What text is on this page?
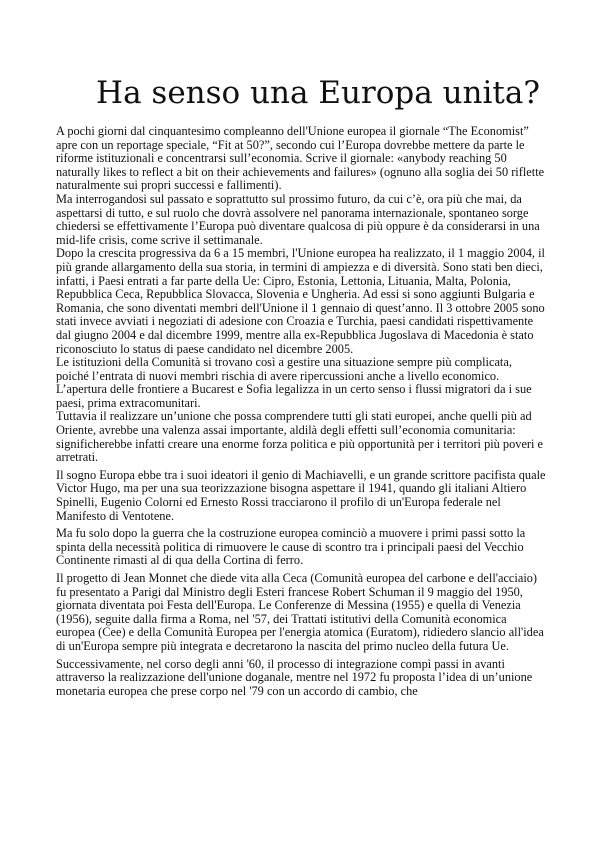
Ha senso una Europa unita?

A pochi giorni dal cinquantesimo compleanno dell'Unione europea il giornale “The Economist” apre con un reportage speciale, “Fit at 50?”, secondo cui l’Europa dovrebbe mettere da parte le riforme istituzionali e concentrarsi sull’economia. Scrive il giornale: «anybody reaching 50 naturally likes to reflect a bit on their achievements and failures» (ognuno alla soglia dei 50 riflette naturalmente sui propri successi e fallimenti).

Ma interrogandosi sul passato e soprattutto sul prossimo futuro, da cui c’è, ora più che mai, da aspettarsi di tutto, e sul ruolo che dovrà assolvere nel panorama internazionale, spontaneo sorge chiedersi se effettivamente l’Europa può diventare qualcosa di più oppure è da considerarsi in una mid-life crisis, come scrive il settimanale.

Dopo la crescita progressiva da 6 a 15 membri, l'Unione europea ha realizzato, il 1 maggio 2004, il più grande allargamento della sua storia, in termini di ampiezza e di diversità. Sono stati ben dieci, infatti, i Paesi entrati a far parte della Ue: Cipro, Estonia, Lettonia, Lituania, Malta, Polonia, Repubblica Ceca, Repubblica Slovacca, Slovenia e Ungheria. Ad essi si sono aggiunti Bulgaria e Romania, che sono diventati membri dell'Unione il 1 gennaio di quest’anno. Il 3 ottobre 2005 sono stati invece avviati i negoziati di adesione con Croazia e Turchia, paesi candidati rispettivamente dal giugno 2004 e dal dicembre 1999, mentre alla ex-Repubblica Jugoslava di Macedonia è stato riconosciuto lo status di paese candidato nel dicembre 2005.

Le istituzioni della Comunità si trovano così a gestire una situazione sempre più complicata, poiché l’entrata di nuovi membri rischia di avere ripercussioni anche a livello economico. L’apertura delle frontiere a Bucarest e Sofia legalizza in un certo senso i flussi migratori da i sue paesi, prima extracomunitari.

Tuttavia il realizzare un’unione che possa comprendere tutti gli stati europei, anche quelli più ad Oriente, avrebbe una valenza assai importante, aldilà degli effetti sull’economia comunitaria: significherebbe infatti creare una enorme forza politica e più opportunità per i territori più poveri e arretrati.

Il sogno Europa ebbe tra i suoi ideatori il genio di Machiavelli, e un grande scrittore pacifista quale Victor Hugo, ma per una sua teorizzazione bisogna aspettare il 1941, quando gli italiani Altiero Spinelli, Eugenio Colorni ed Ernesto Rossi tracciarono il profilo di un'Europa federale nel Manifesto di Ventotene.

Ma fu solo dopo la guerra che la costruzione europea cominciò a muovere i primi passi sotto la spinta della necessità politica di rimuovere le cause di scontro tra i principali paesi del Vecchio Continente rimasti al di qua della Cortina di ferro.

Il progetto di Jean Monnet che diede vita alla Ceca (Comunità europea del carbone e dell'acciaio) fu presentato a Parigi dal Ministro degli Esteri francese Robert Schuman il 9 maggio del 1950, giornata diventata poi Festa dell'Europa. Le Conferenze di Messina (1955) e quella di Venezia (1956), seguite dalla firma a Roma, nel '57, dei Trattati istitutivi della Comunità economica europea (Cee) e della Comunità Europea per l'energia atomica (Euratom), ridiedero slancio all'idea di un'Europa sempre più integrata e decretarono la nascita del primo nucleo della futura Ue.

Successivamente, nel corso degli anni '60, il processo di integrazione compì passi in avanti attraverso la realizzazione dell'unione doganale, mentre nel 1972 fu proposta l’idea di un’unione monetaria europea che prese corpo nel '79 con un accordo di cambio, che
